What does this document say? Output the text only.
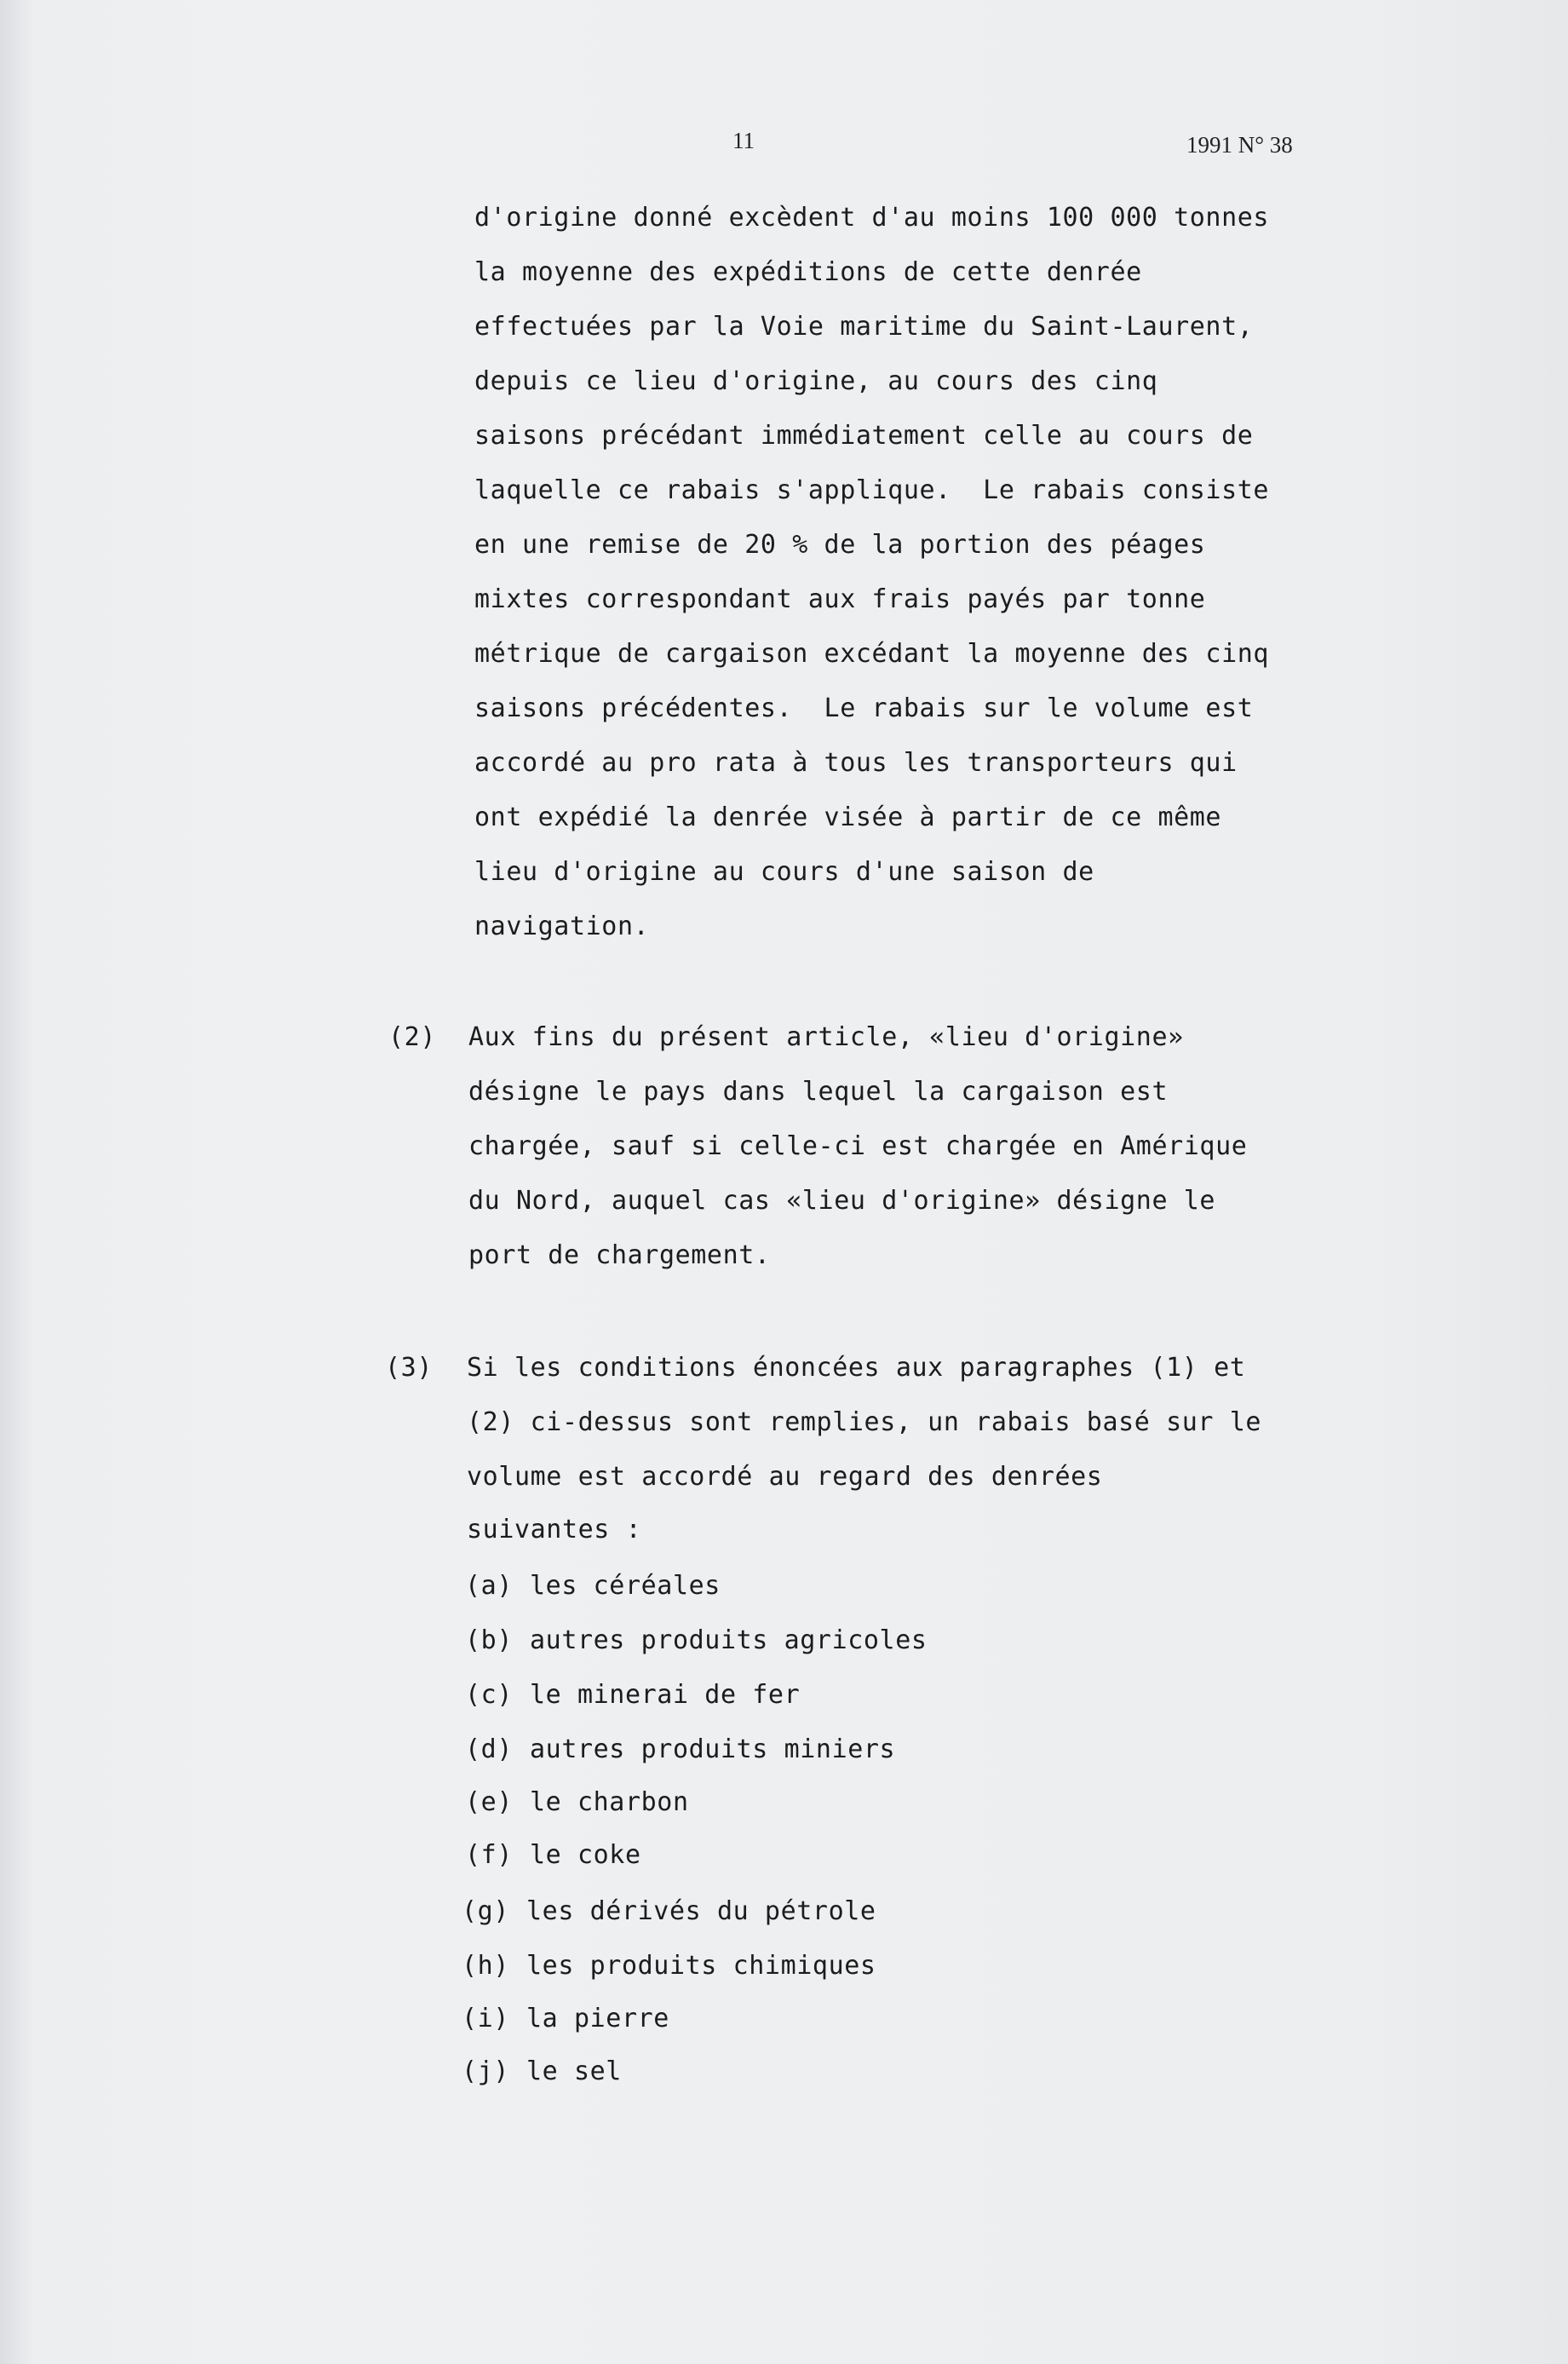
11	1991 N° 38
d'origine donné excèdent d'au moins 100 000 tonnes
la moyenne des expéditions de cette denrée
effectuées par la Voie maritime du Saint-Laurent,
depuis ce lieu d'origine, au cours des cinq
saisons précédant immédiatement celle au cours de
laquelle ce rabais s'applique.  Le rabais consiste
en une remise de 20 % de la portion des péages
mixtes correspondant aux frais payés par tonne
métrique de cargaison excédant la moyenne des cinq
saisons précédentes.  Le rabais sur le volume est
accordé au pro rata à tous les transporteurs qui
ont expédié la denrée visée à partir de ce même
lieu d'origine au cours d'une saison de
navigation.
(2) Aux fins du présent article, «lieu d'origine»
désigne le pays dans lequel la cargaison est
chargée, sauf si celle-ci est chargée en Amérique
du Nord, auquel cas «lieu d'origine» désigne le
port de chargement.
(3) Si les conditions énoncées aux paragraphes (1) et
(2) ci-dessus sont remplies, un rabais basé sur le
volume est accordé au regard des denrées
suivantes :
(a) les céréales
(b) autres produits agricoles
(c) le minerai de fer
(d) autres produits miniers
(e) le charbon
(f) le coke
(g) les dérivés du pétrole
(h) les produits chimiques
(i) la pierre
(j) le sel
